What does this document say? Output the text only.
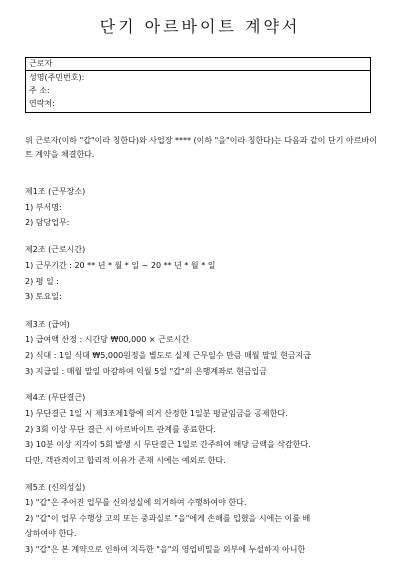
단기 아르바이트 계약서
근로자
성명(주민번호):
주 소:
연락처:
위 근로자(이하 "갑"이라 칭한다)와 사업장 **** (이하 "을"이라 칭한다)는 다음과 같이 단기 아르바이트 계약을 체결한다.
제1조 (근무장소)
1) 부서명:
2) 담당업무:
제2조 (근로시간)
1) 근무기간 : 20 ** 년 * 월 * 일 ~ 20 ** 년 * 월 * 일
2) 평 일 :
3) 토요일:
제3조 (급여)
1) 급여액 산정 : 시간당 ₩00,000 × 근로시간
2) 식대 : 1일 식대 ₩5,000원정을 별도로 실제 근무일수 만큼 매월 말일 현금지급
3) 지급일 : 매월 말일 마감하여 익월 5일 "갑"의 은행계좌로 현금입금
제4조 (무단결근)
1) 무단결근 1일 시 제3조제1항에 의거 산정한 1일분 평균임금을 공제한다.
2) 3회 이상 무단 결근 시 아르바이트 관계를 종료한다.
3) 10분 이상 지각이 5회 발생 시 무단결근 1일로 간주하여 해당 금액을 삭감한다.
다만, 객관적이고 합리적 이유가 존재 시에는 예외로 한다.
제5조 (신의성실)
1) "갑"은 주어진 업무를 신의성실에 의거하여 수행하여야 한다.
2) "갑"이 업무 수행상 고의 또는 중과실로 "을"에게 손해를 입혔을 시에는 이를 배
상하여야 한다.
3) "갑"은 본 계약으로 인하여 지득한 "을"의 영업비밀을 외부에 누설하지 아니한
